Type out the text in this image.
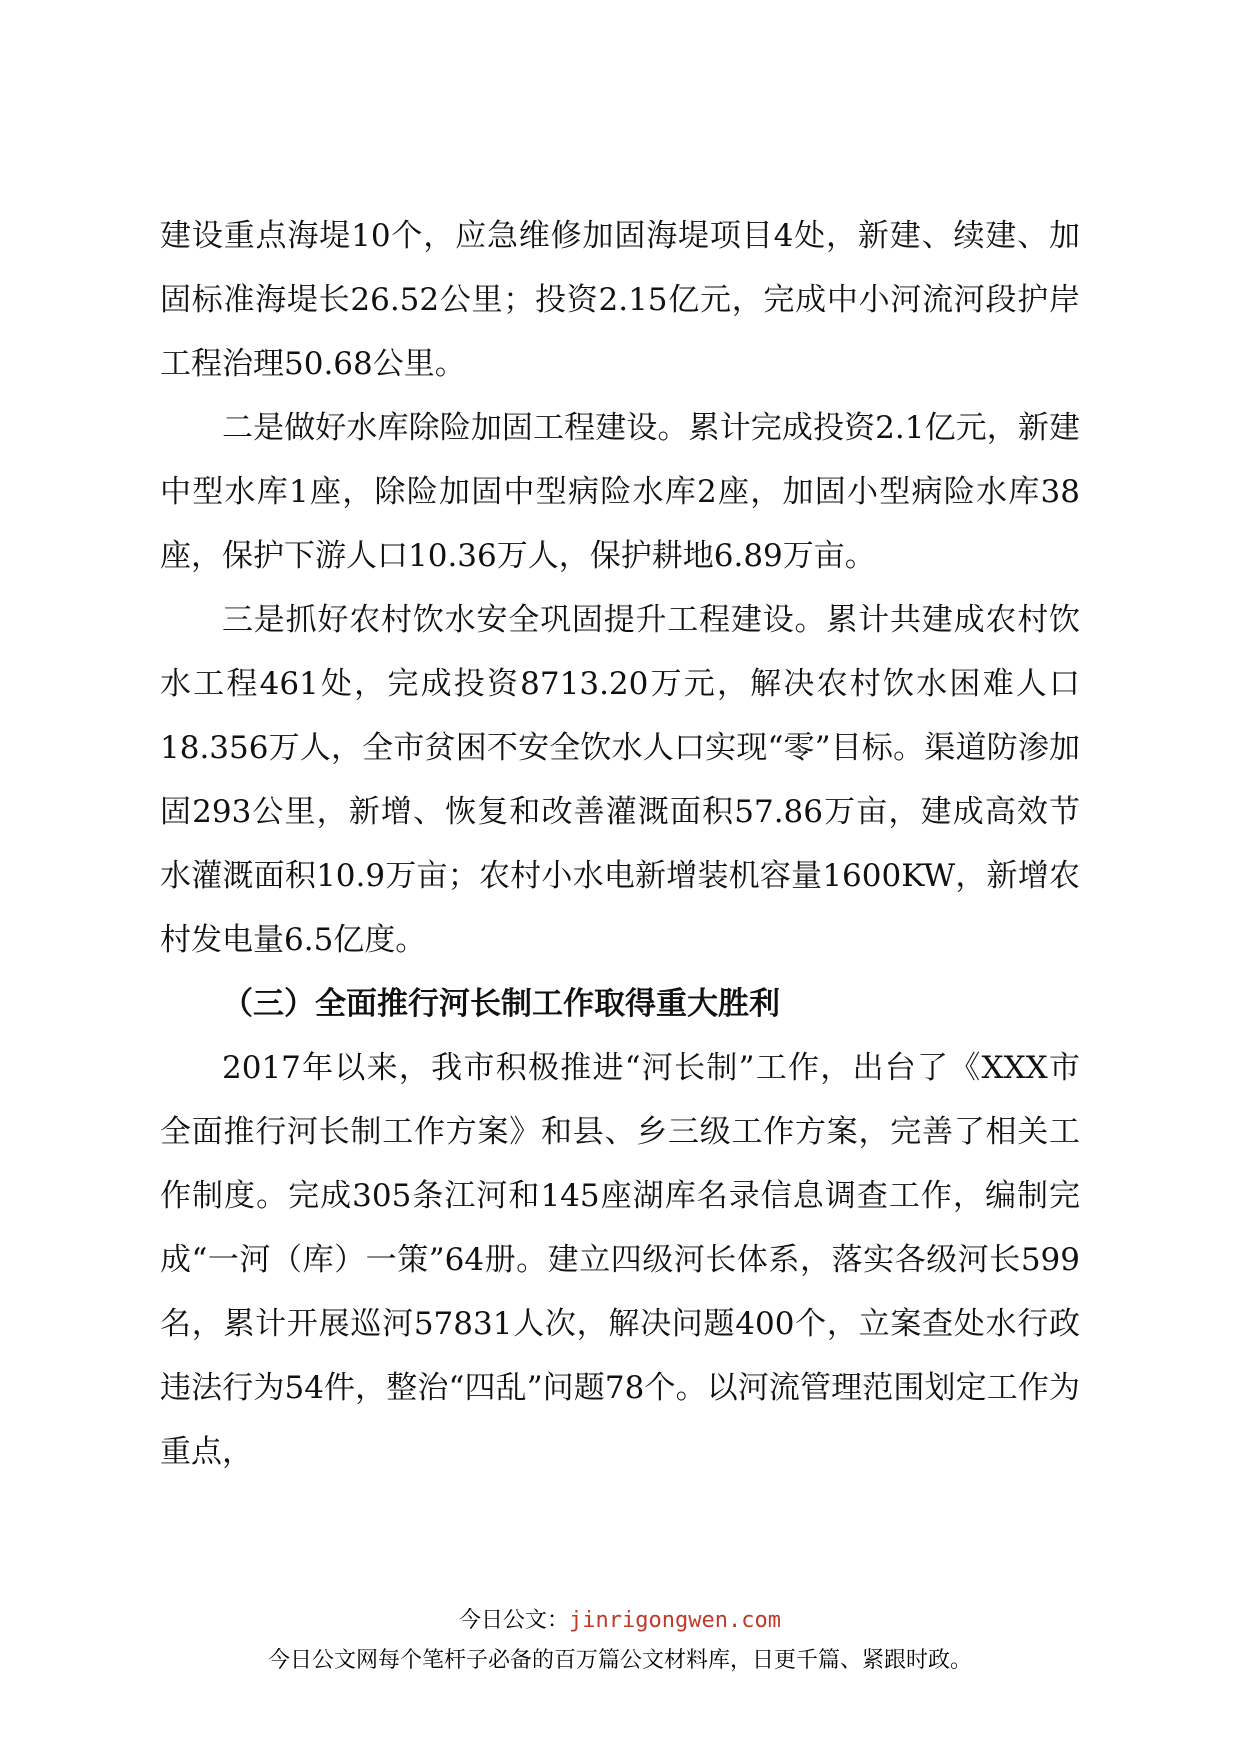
建设重点海堤10个，应急维修加固海堤项目4处，新建、续建、加固标准海堤长26.52公里；投资2.15亿元，完成中小河流河段护岸工程治理50.68公里。

二是做好水库除险加固工程建设。累计完成投资2.1亿元，新建中型水库1座，除险加固中型病险水库2座，加固小型病险水库38座，保护下游人口10.36万人，保护耕地6.89万亩。

三是抓好农村饮水安全巩固提升工程建设。累计共建成农村饮水工程461处，完成投资8713.20万元，解决农村饮水困难人口18.356万人，全市贫困不安全饮水人口实现“零”目标。渠道防渗加固293公里，新增、恢复和改善灌溉面积57.86万亩，建成高效节水灌溉面积10.9万亩；农村小水电新增装机容量1600KW，新增农村发电量6.5亿度。

（三）全面推行河长制工作取得重大胜利

2017年以来，我市积极推进“河长制”工作，出台了《XXX市全面推行河长制工作方案》和县、乡三级工作方案，完善了相关工作制度。完成305条江河和145座湖库名录信息调查工作，编制完成“一河（库）一策”64册。建立四级河长体系，落实各级河长599名，累计开展巡河57831人次，解决问题400个，立案查处水行政违法行为54件，整治“四乱”问题78个。以河流管理范围划定工作为重点，

今日公文：jinrigongwen.com
今日公文网每个笔杆子必备的百万篇公文材料库，日更千篇、紧跟时政。
